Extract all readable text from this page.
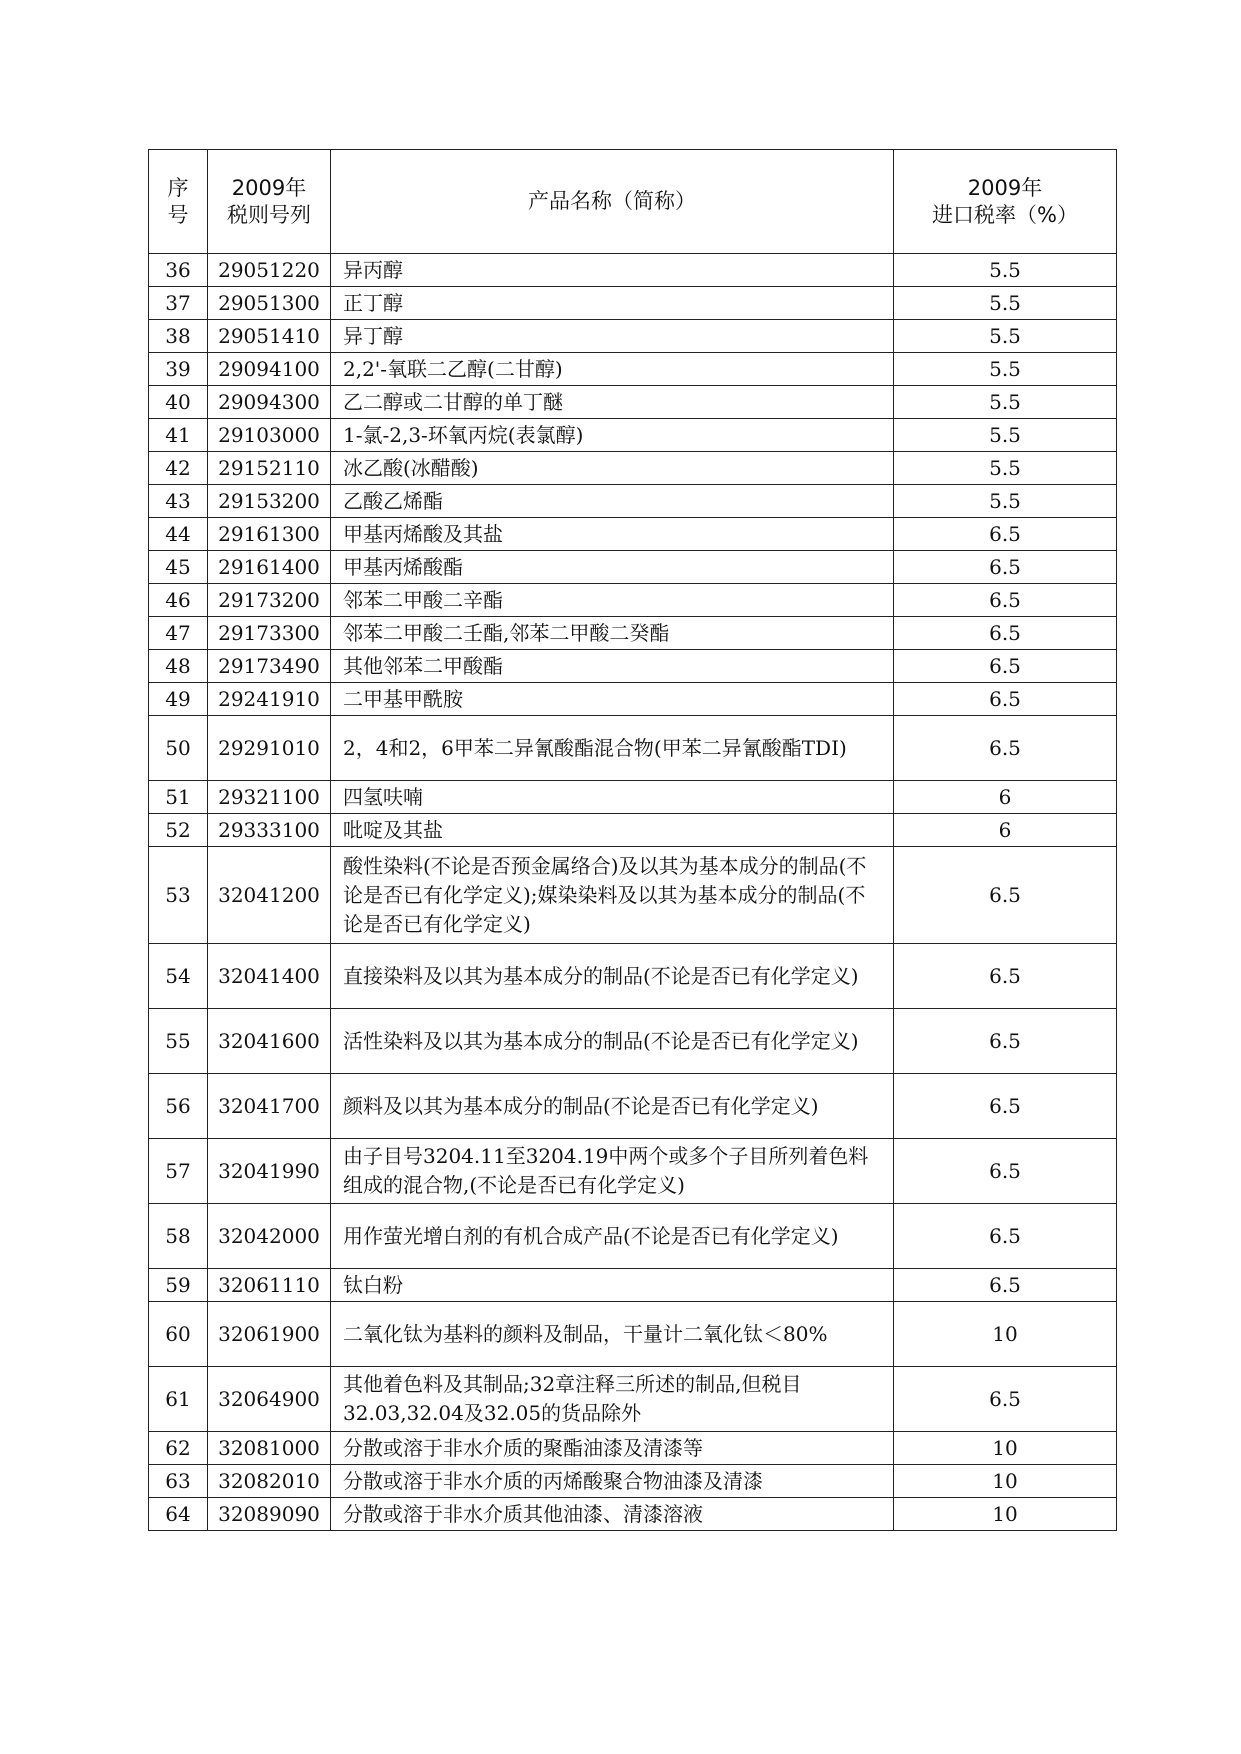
序号	2009年税则号列	产品名称（简称）	2009年
进口税率（%）

36	29051220	异丙醇	5.5
37	29051300	正丁醇	5.5
38	29051410	异丁醇	5.5
39	29094100	2,2'-氧联二乙醇(二甘醇)	5.5
40	29094300	乙二醇或二甘醇的单丁醚	5.5
41	29103000	1-氯-2,3-环氧丙烷(表氯醇)	5.5
42	29152110	冰乙酸(冰醋酸)	5.5
43	29153200	乙酸乙烯酯	5.5
44	29161300	甲基丙烯酸及其盐	6.5
45	29161400	甲基丙烯酸酯	6.5
46	29173200	邻苯二甲酸二辛酯	6.5
47	29173300	邻苯二甲酸二壬酯,邻苯二甲酸二癸酯	6.5
48	29173490	其他邻苯二甲酸酯	6.5
49	29241910	二甲基甲酰胺	6.5
50	29291010	2，4和2，6甲苯二异氰酸酯混合物(甲苯二异氰酸酯TDI)	6.5
51	29321100	四氢呋喃	6
52	29333100	吡啶及其盐	6
53	32041200	酸性染料(不论是否预金属络合)及以其为基本成分的制品(不论是否已有化学定义);媒染染料及以其为基本成分的制品(不论是否已有化学定义)	6.5
54	32041400	直接染料及以其为基本成分的制品(不论是否已有化学定义)	6.5
55	32041600	活性染料及以其为基本成分的制品(不论是否已有化学定义)	6.5
56	32041700	颜料及以其为基本成分的制品(不论是否已有化学定义)	6.5
57	32041990	由子目号3204.11至3204.19中两个或多个子目所列着色料组成的混合物,(不论是否已有化学定义)	6.5
58	32042000	用作萤光增白剂的有机合成产品(不论是否已有化学定义)	6.5
59	32061110	钛白粉	6.5
60	32061900	二氧化钛为基料的颜料及制品，干量计二氧化钛＜80%	10
61	32064900	其他着色料及其制品;32章注释三所述的制品,但税目32.03,32.04及32.05的货品除外	6.5
62	32081000	分散或溶于非水介质的聚酯油漆及清漆等	10
63	32082010	分散或溶于非水介质的丙烯酸聚合物油漆及清漆	10
64	32089090	分散或溶于非水介质其他油漆、清漆溶液	10
